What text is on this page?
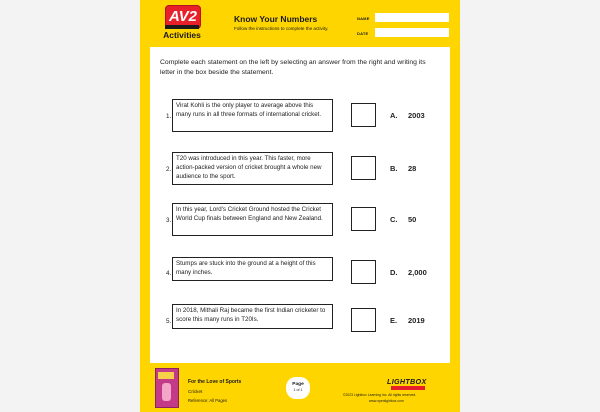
AV2
Activities
Know Your Numbers
Follow the instructions to complete the activity.
NAME
DATE
Complete each statement on the left by selecting an answer from the right and writing its letter in the box beside the statement.
1.
Virat Kohli is the only player to average above this many runs in all three formats of international cricket.	A. 2003
2.
T20 was introduced in this year. This faster, more action-packed version of cricket brought a whole new audience to the sport.
B. 28
3.
In this year, Lord's Cricket Ground hosted the Cricket World Cup finals between England and New Zealand.	C. 50
4.
Stumps are stuck into the ground at a height of this many inches.	D. 2,000
5.
In 2018, Mithali Raj became the first Indian cricketer to score this many runs in T20Is.	E. 2019
For the Love of Sports
Cricket
Reference: All Pages
Page
1 of 1
LIGHTBOX
©2023 Lightbox Learning Inc. All rights reserved.
www.openlightbox.com
